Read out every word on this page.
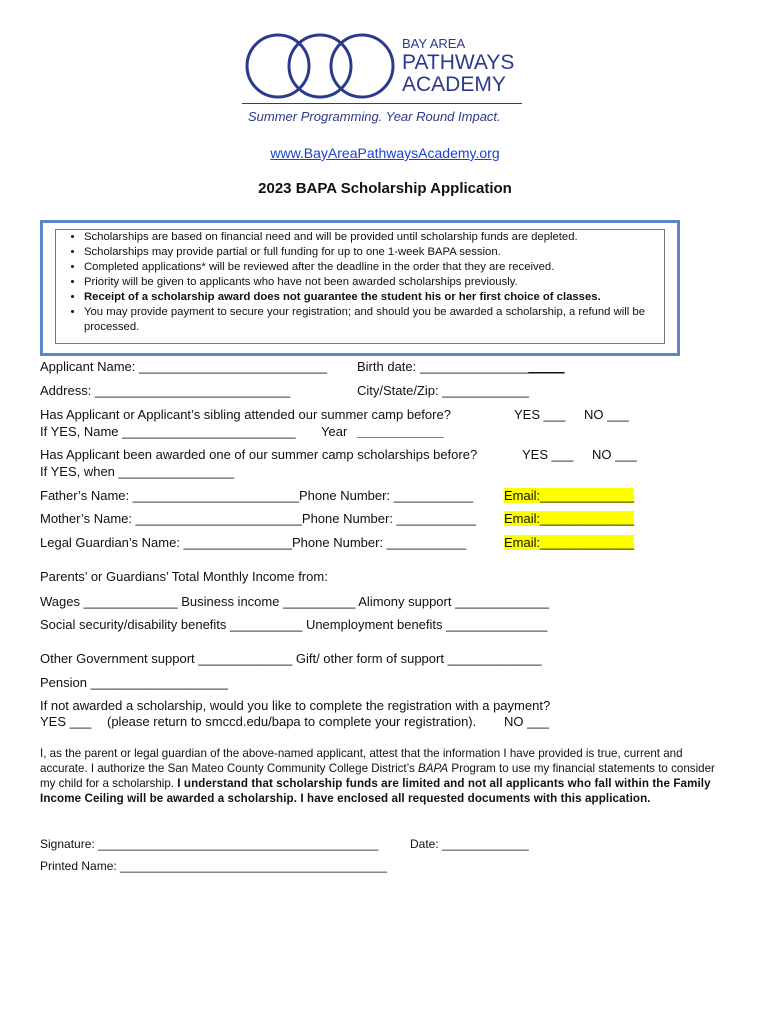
BAY AREA
PATHWAYS
ACADEMY
Summer Programming. Year Round Impact.
www.BayAreaPathwaysAcademy.org
2023 BAPA Scholarship Application
• Scholarships are based on financial need and will be provided until scholarship funds are depleted.
• Scholarships may provide partial or full funding for up to one 1-week BAPA session.
• Completed applications* will be reviewed after the deadline in the order that they are received.
• Priority will be given to applicants who have not been awarded scholarships previously.
• Receipt of a scholarship award does not guarantee the student his or her first choice of classes.
• You may provide payment to secure your registration; and should you be awarded a scholarship, a refund will be processed.
Applicant Name: __________________________ Birth date: ____________________
Address: ___________________________	City/State/Zip: ____________
Has Applicant or Applicant’s sibling attended our summer camp before?	YES ___ NO ___
If YES, Name ________________________ Year ____________
Has Applicant been awarded one of our summer camp scholarships before?	YES ___ NO ___
If YES, when ________________
Father’s Name: _______________________Phone Number: ___________ Email:_____________
Mother’s Name: _______________________Phone Number: ___________ Email:_____________
Legal Guardian’s Name: _______________Phone Number: ___________	Email:_____________
Parents’ or Guardians’ Total Monthly Income from:
Wages _____________ Business income __________ Alimony support _____________
Social security/disability benefits __________ Unemployment benefits ______________
Other Government support _____________ Gift/ other form of support _____________
Pension ___________________
If not awarded a scholarship, would you like to complete the registration with a payment?
YES ___ (please return to smccd.edu/bapa to complete your registration). NO ___
I, as the parent or legal guardian of the above-named applicant, attest that the information I have provided is true, current and accurate. I authorize the San Mateo County Community College District’s BAPA Program to use my financial statements to consider my child for a scholarship. I understand that scholarship funds are limited and not all applicants who fall within the Family Income Ceiling will be awarded a scholarship. I have enclosed all requested documents with this application.
Signature: __________________________________________	Date: _____________
Printed Name: ________________________________________
